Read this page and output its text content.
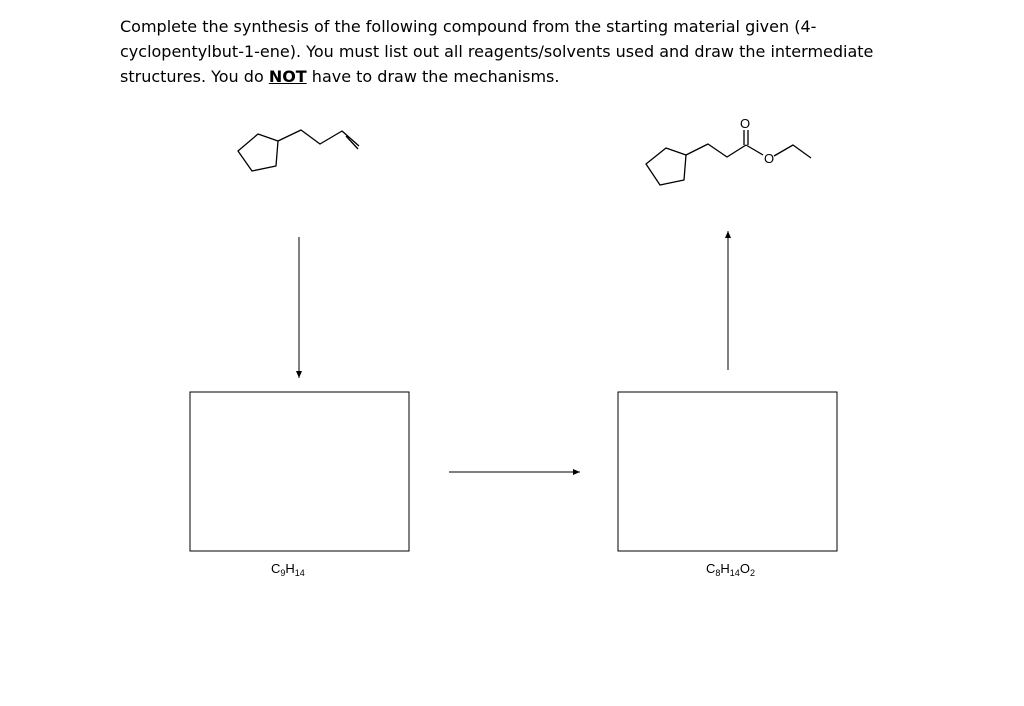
Complete the synthesis of the following compound from the starting material given (4-cyclopentylbut-1-ene). You must list out all reagents/solvents used and draw the intermediate structures. You do NOT have to draw the mechanisms.

O
O
$C_9H_{14}$	$C_8H_{14}O_2$
